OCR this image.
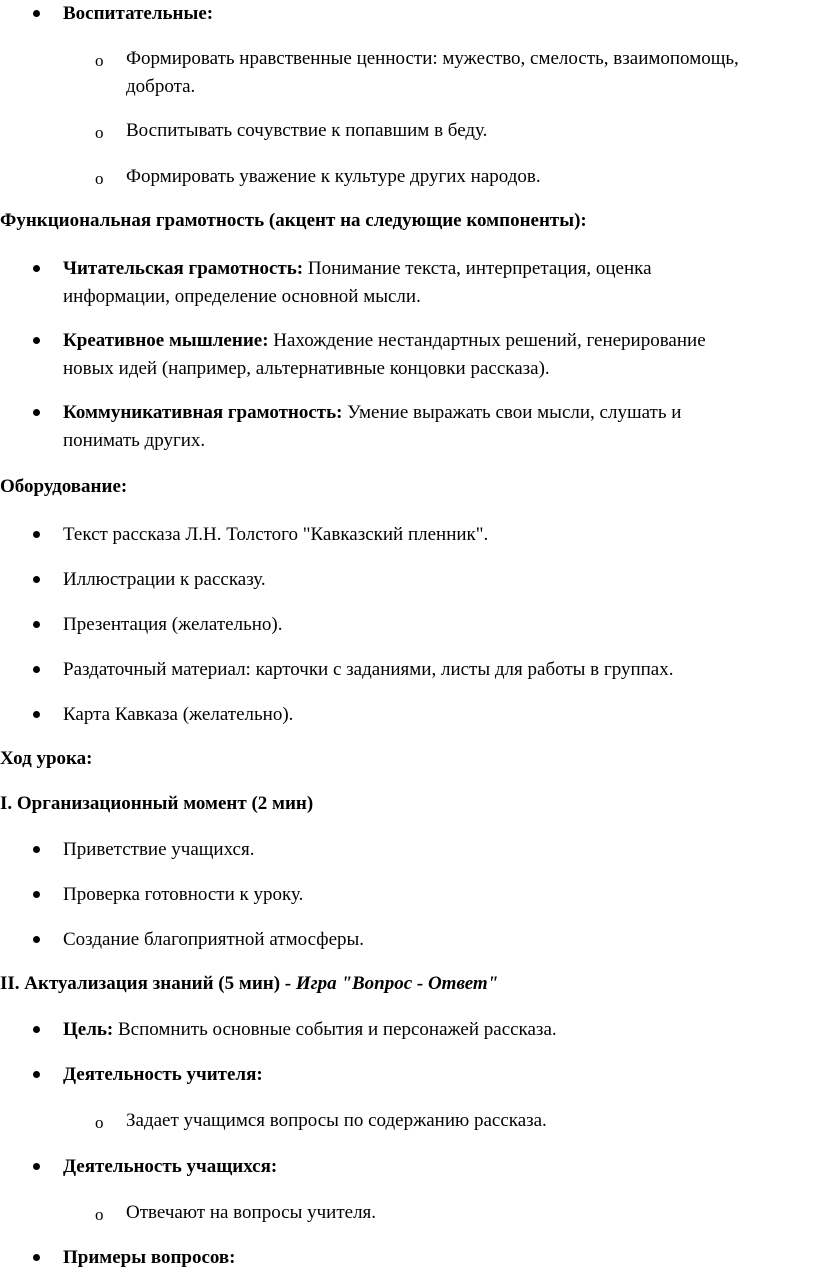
Воспитательные:
o Формировать нравственные ценности: мужество, смелость, взаимопомощь,
доброта.
o Воспитывать сочувствие к попавшим в беду.
o Формировать уважение к культуре других народов.
Функциональная грамотность (акцент на следующие компоненты):
Читательская грамотность: Понимание текста, интерпретация, оценка
информации, определение основной мысли.
Креативное мышление: Нахождение нестандартных решений, генерирование
новых идей (например, альтернативные концовки рассказа).
Коммуникативная грамотность: Умение выражать свои мысли, слушать и
понимать других.
Оборудование:
Текст рассказа Л.Н. Толстого "Кавказский пленник".
Иллюстрации к рассказу.
Презентация (желательно).
Раздаточный материал: карточки с заданиями, листы для работы в группах.
Карта Кавказа (желательно).
Ход урока:
I. Организационный момент (2 мин)
Приветствие учащихся.
Проверка готовности к уроку.
Создание благоприятной атмосферы.
II. Актуализация знаний (5 мин) - Игра "Вопрос - Ответ"
Цель: Вспомнить основные события и персонажей рассказа.
Деятельность учителя:
o Задает учащимся вопросы по содержанию рассказа.
Деятельность учащихся:
o Отвечают на вопросы учителя.
Примеры вопросов:
